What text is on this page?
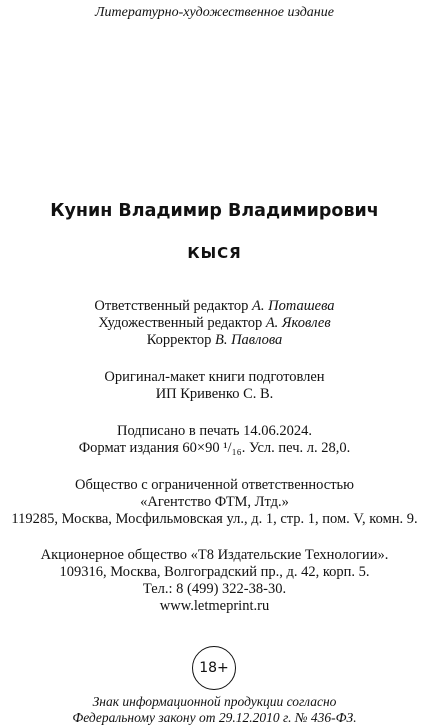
Литературно-художественное издание
Кунин Владимир Владимирович
КЫСЯ
Ответственный редактор А. Поташева
Художественный редактор А. Яковлев
Корректор В. Павлова
Оригинал-макет книги подготовлен
ИП Кривенко С. В.
Подписано в печать 14.06.2024.
Формат издания 60×90 ¹/₁₆. Усл. печ. л. 28,0.
Общество с ограниченной ответственностью
«Агентство ФТМ, Лтд.»
119285, Москва, Мосфильмовская ул., д. 1, стр. 1, пом. V, комн. 9.
Акционерное общество «Т8 Издательские Технологии».
109316, Москва, Волгоградский пр., д. 42, корп. 5.
Тел.: 8 (499) 322-38-30.
www.letmeprint.ru
18+
Знак информационной продукции согласно
Федеральному закону от 29.12.2010 г. № 436-ФЗ.
